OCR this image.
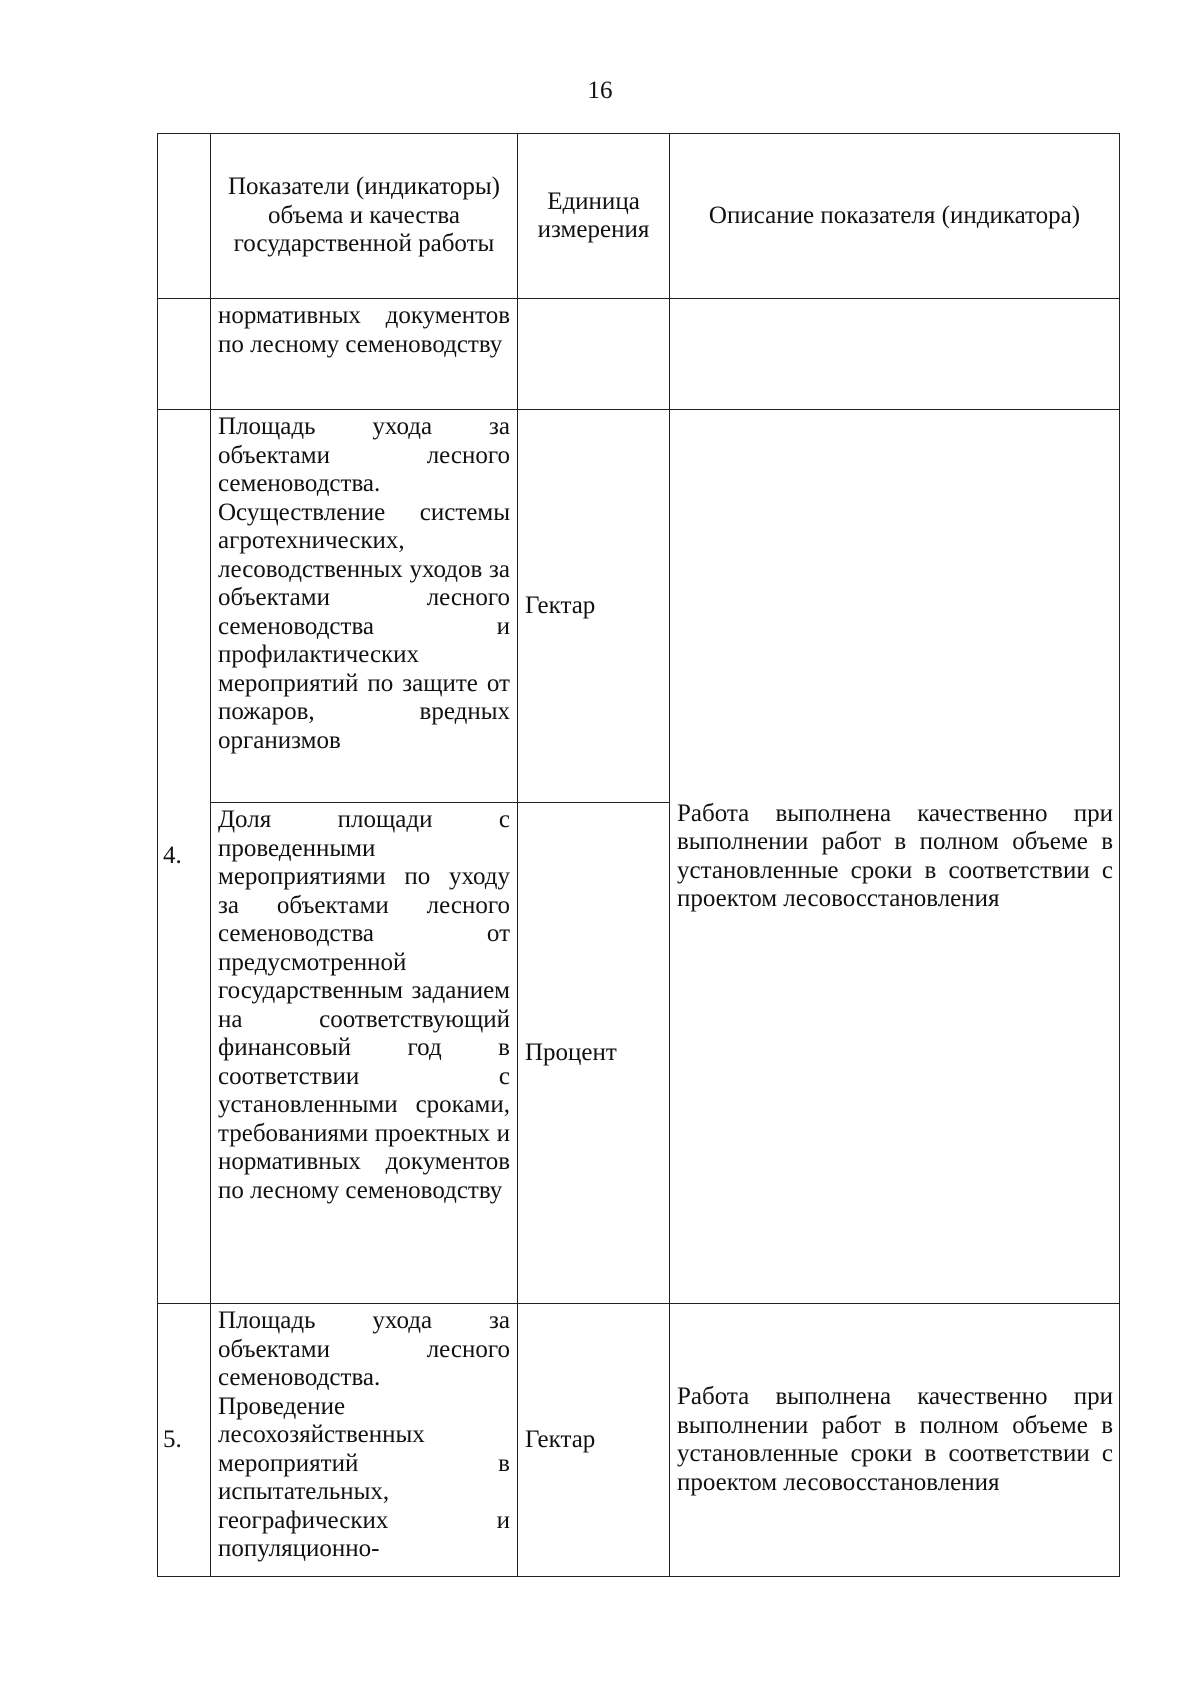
16
	Показатели (индикаторы) объема и качества государственной работы	Единица измерения	Описание показателя (индикатора)
	нормативных документов по лесному семеноводству		
4.	Площадь ухода за объектами лесного семеноводства. Осуществление системы агротехнических, лесоводственных уходов за объектами лесного семеноводства и профилактических мероприятий по защите от пожаров, вредных организмов	Гектар	Работа выполнена качественно при выполнении работ в полном объеме в установленные сроки в соответствии с проектом лесовосстановления
	Доля площади с проведенными мероприятиями по уходу за объектами лесного семеноводства от предусмотренной государственным заданием на соответствующий финансовый год в соответствии с установленными сроками, требованиями проектных и нормативных документов по лесному семеноводству	Процент	
5.	Площадь ухода за объектами лесного семеноводства. Проведение лесохозяйственных мероприятий в испытательных, географических и популяционно-	Гектар	Работа выполнена качественно при выполнении работ в полном объеме в установленные сроки в соответствии с проектом лесовосстановления
